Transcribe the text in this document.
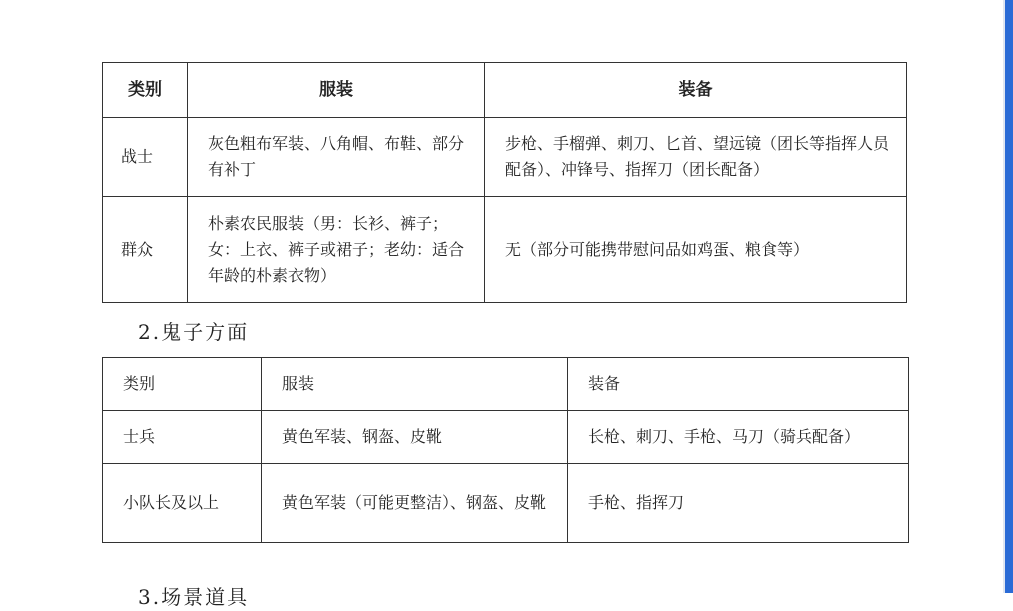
类别	服装	装备
战士	灰色粗布军装、八角帽、布鞋、部分有补丁	步枪、手榴弹、刺刀、匕首、望远镜（团长等指挥人员配备）、冲锋号、指挥刀（团长配备）
群众	朴素农民服装（男：长衫、裤子；女：上衣、裤子或裙子；老幼：适合年龄的朴素衣物）	无（部分可能携带慰问品如鸡蛋、粮食等）
2.鬼子方面
类别	服装	装备
士兵	黄色军装、钢盔、皮靴	长枪、刺刀、手枪、马刀（骑兵配备）
小队长及以上	黄色军装（可能更整洁）、钢盔、皮靴	手枪、指挥刀
3.场景道具
